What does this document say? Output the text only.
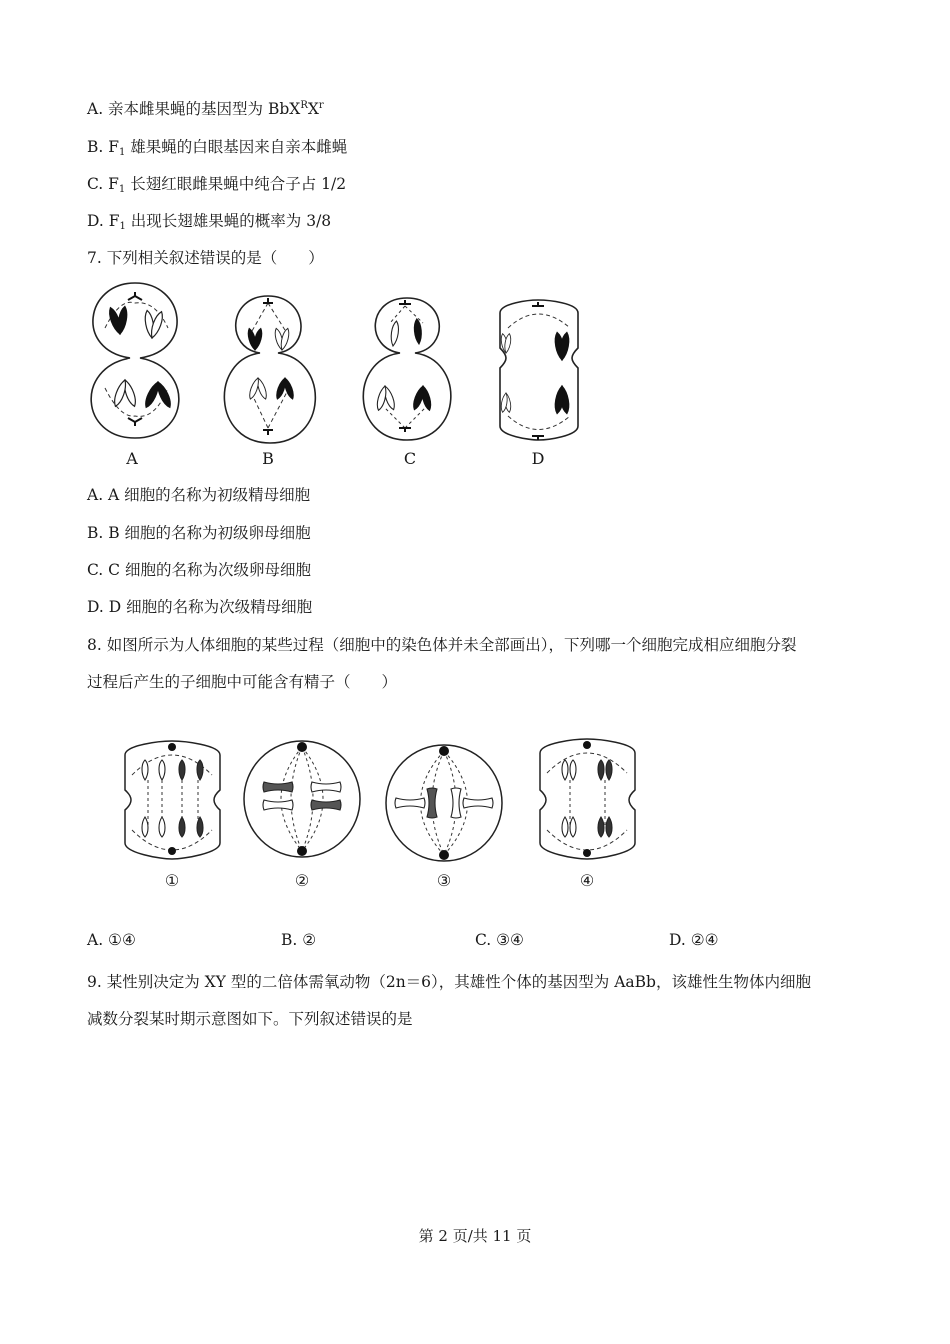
A. 亲本雌果蝇的基因型为 $BbX^RX^r$
B. $F_1$ 雄果蝇的白眼基因来自亲本雌蝇
C. $F_1$ 长翅红眼雌果蝇中纯合子占 1/2
D. $F_1$ 出现长翅雄果蝇的概率为 3/8
7. 下列相关叙述错误的是（　　）
A	B	C	D
A. A 细胞的名称为初级精母细胞
B. B 细胞的名称为初级卵母细胞
C. C 细胞的名称为次级卵母细胞
D. D 细胞的名称为次级精母细胞
8. 如图所示为人体细胞的某些过程（细胞中的染色体并未全部画出），下列哪一个细胞完成相应细胞分裂
过程后产生的子细胞中可能含有精子（　　）
①	②	③	④
A. ①④	B. ②	C. ③④	D. ②④
9. 某性别决定为 XY 型的二倍体需氧动物（2n＝6），其雄性个体的基因型为 AaBb，该雄性生物体内细胞
减数分裂某时期示意图如下。下列叙述错误的是
第 2 页/共 11 页
